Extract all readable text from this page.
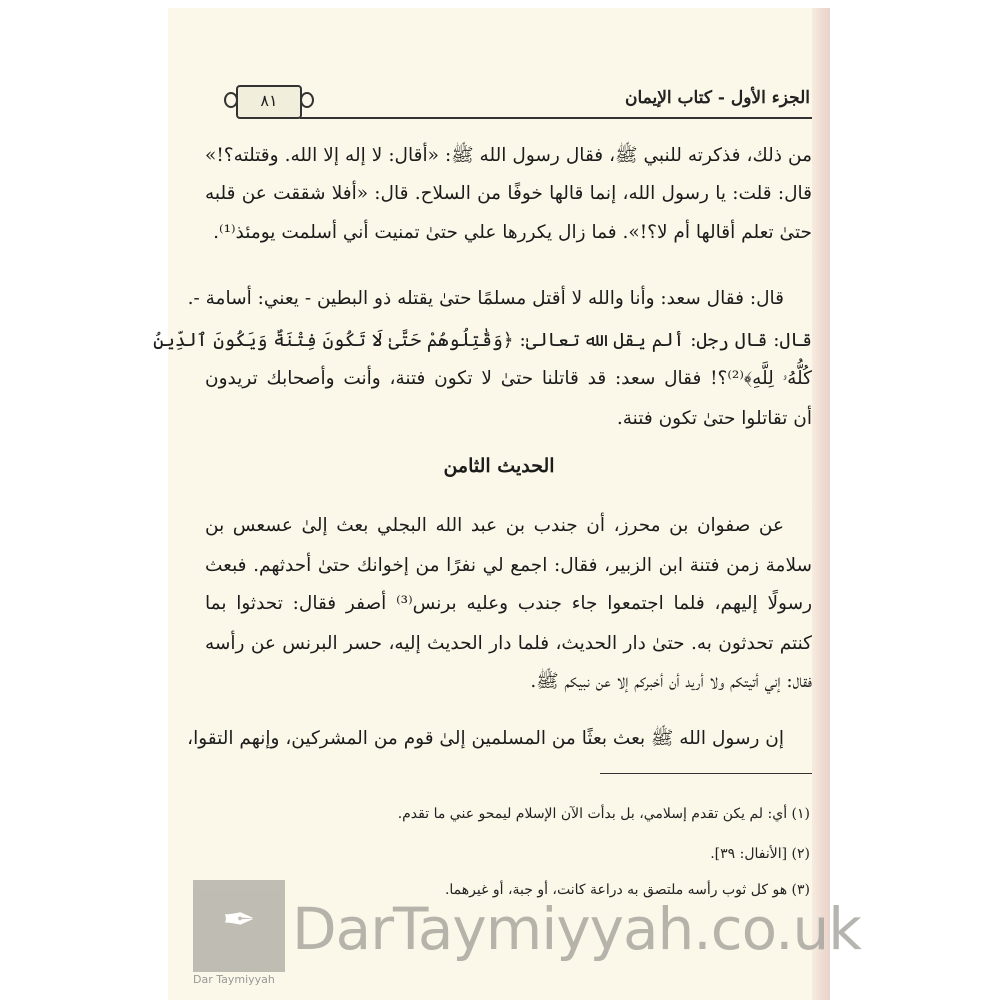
الجزء الأول - كتاب الإيمان
٨١
من ذلك، فذكرته للنبي ﷺ، فقال رسول الله ﷺ: «أقال: لا إله إلا الله. وقتلته؟!»
قال: قلت: يا رسول الله، إنما قالها خوفًا من السلاح. قال: «أفلا شققت عن قلبه
حتىٰ تعلم أقالها أم لا؟!». فما زال يكررها علي حتىٰ تمنيت أني أسلمت يومئذ⁽¹⁾.
قال: فقال سعد: وأنا والله لا أقتل مسلمًا حتىٰ يقتله ذو البطين - يعني: أسامة -.
قال: قال رجل: ألم يقل الله تعالىٰ: ﴿وَقَٰتِلُوهُمْ حَتَّىٰ لَا تَكُونَ فِتْنَةٌ وَيَكُونَ ٱلدِّينُ
كُلُّهُۥ لِلَّهِ﴾⁽²⁾؟! فقال سعد: قد قاتلنا حتىٰ لا تكون فتنة، وأنت وأصحابك تريدون
أن تقاتلوا حتىٰ تكون فتنة.
الحديث الثامن
عن صفوان بن محرز، أن جندب بن عبد الله البجلي بعث إلىٰ عسعس بن
سلامة زمن فتنة ابن الزبير، فقال: اجمع لي نفرًا من إخوانك حتىٰ أحدثهم. فبعث
رسولًا إليهم، فلما اجتمعوا جاء جندب وعليه برنس⁽³⁾ أصفر فقال: تحدثوا بما
كنتم تحدثون به. حتىٰ دار الحديث، فلما دار الحديث إليه، حسر البرنس عن رأسه
فقال: إني أتيتكم ولا أريد أن أخبركم إلا عن نبيكم ﷺ.
إن رسول الله ﷺ بعث بعثًا من المسلمين إلىٰ قوم من المشركين، وإنهم التقوا،
(١) أي: لم يكن تقدم إسلامي، بل بدأت الآن الإسلام ليمحو عني ما تقدم.
(٢) [الأنفال: ٣٩].
(٣) هو كل ثوب رأسه ملتصق به دراعة كانت، أو جبة، أو غيرهما.
✒
Dar Taymiyyah
DarTaymiyyah.co.uk
